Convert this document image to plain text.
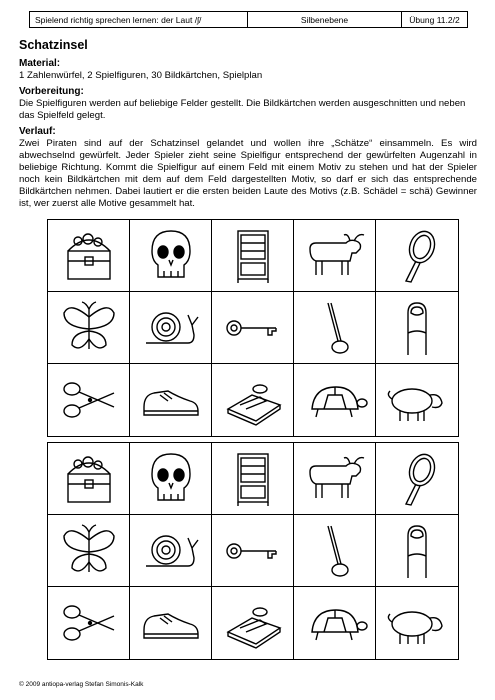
Spielend richtig sprechen lernen: der Laut /ʃ/	Silbenebene	Übung 11.2/2
Schatzinsel
Material:

1 Zahlenwürfel, 2 Spielfiguren, 30 Bildkärtchen, Spielplan

Vorbereitung:

Die Spielfiguren werden auf beliebige Felder gestellt. Die Bildkärtchen werden ausgeschnitten und neben das Spielfeld gelegt.

Verlauf:

Zwei Piraten sind auf der Schatzinsel gelandet und wollen ihre „Schätze“ einsammeln. Es wird abwechselnd gewürfelt. Jeder Spieler zieht seine Spielfigur entsprechend der gewürfelten Augenzahl in beliebige Richtung. Kommt die Spielfigur auf einem Feld mit einem Motiv zu stehen und hat der Spieler noch kein Bildkärtchen mit dem auf dem Feld dargestellten Motiv, so darf er sich das entsprechende Bildkärtchen nehmen. Dabei lautiert er die ersten beiden Laute des Motivs (z.B. Schädel = schä) Gewinner ist, wer zuerst alle Motive gesammelt hat.

© 2009 antiopa-verlag Stefan Simonis-Kalk
